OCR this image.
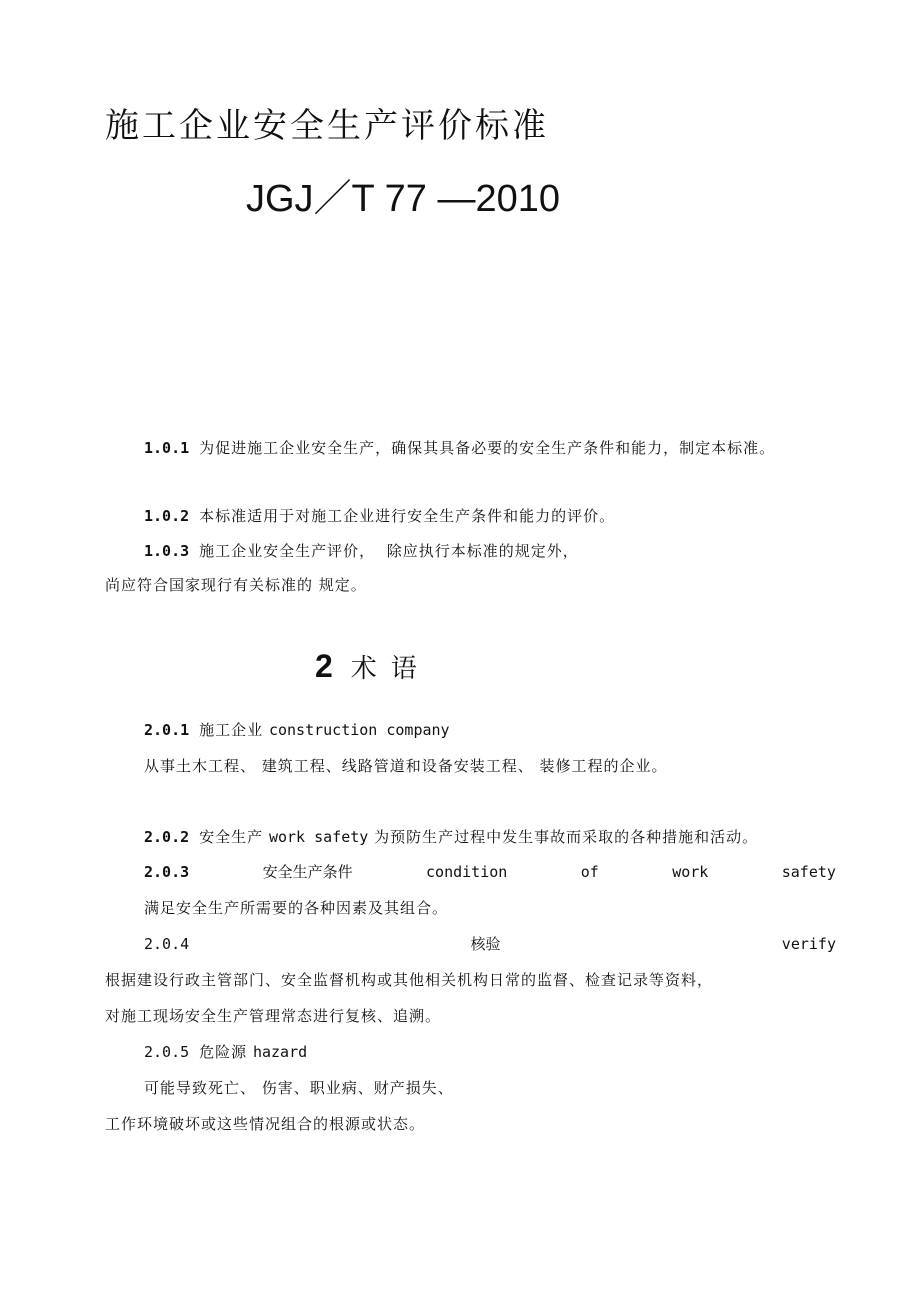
施工企业安全生产评价标准
JGJ／T 77 —2010
1.0.1 为促进施工企业安全生产，确保其具备必要的安全生产条件和能力，制定本标准。
1.0.2 本标准适用于对施工企业进行安全生产条件和能力的评价。
1.0.3 施工企业安全生产评价，  除应执行本标准的规定外，
尚应符合国家现行有关标准的 规定。
2 术语
2.0.1 施工企业 construction company
从事土木工程、 建筑工程、线路管道和设备安装工程、 装修工程的企业。
2.0.2 安全生产 work safety 为预防生产过程中发生事故而采取的各种措施和活动。
2.0.3	安全生产条件	condition	of	work	safety
满足安全生产所需要的各种因素及其组合。
2.0.4	核验	verify
根据建设行政主管部门、安全监督机构或其他相关机构日常的监督、检查记录等资料，
对施工现场安全生产管理常态进行复核、追溯。
2.0.5 危险源 hazard
可能导致死亡、 伤害、职业病、财产损失、
工作环境破坏或这些情况组合的根源或状态。
